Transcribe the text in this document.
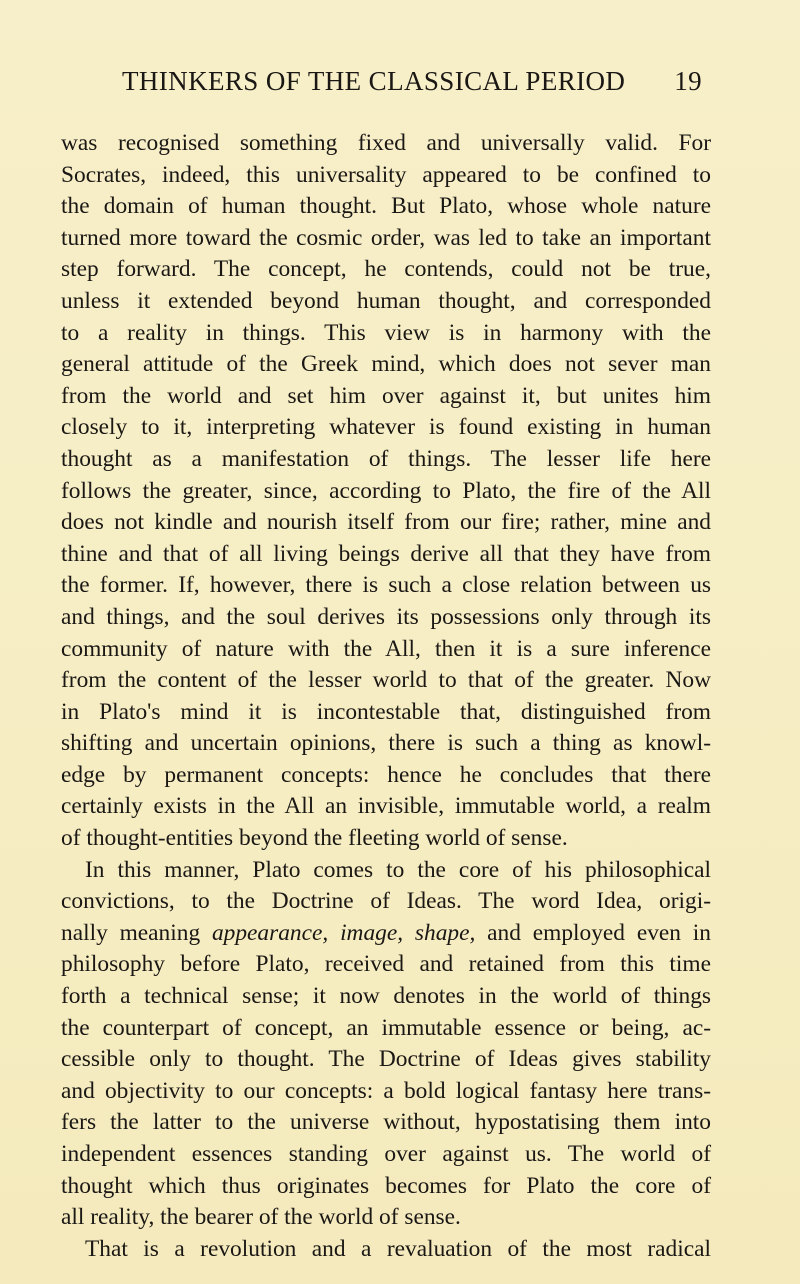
THINKERS OF THE CLASSICAL PERIOD 19
was recognised something fixed and universally valid. For
Socrates, indeed, this universality appeared to be confined to
the domain of human thought. But Plato, whose whole nature
turned more toward the cosmic order, was led to take an important
step forward. The concept, he contends, could not be true,
unless it extended beyond human thought, and corresponded
to a reality in things. This view is in harmony with the
general attitude of the Greek mind, which does not sever man
from the world and set him over against it, but unites him
closely to it, interpreting whatever is found existing in human
thought as a manifestation of things. The lesser life here
follows the greater, since, according to Plato, the fire of the All
does not kindle and nourish itself from our fire; rather, mine and
thine and that of all living beings derive all that they have from
the former. If, however, there is such a close relation between us
and things, and the soul derives its possessions only through its
community of nature with the All, then it is a sure inference
from the content of the lesser world to that of the greater. Now
in Plato's mind it is incontestable that, distinguished from
shifting and uncertain opinions, there is such a thing as knowl-
edge by permanent concepts: hence he concludes that there
certainly exists in the All an invisible, immutable world, a realm
of thought-entities beyond the fleeting world of sense.
In this manner, Plato comes to the core of his philosophical
convictions, to the Doctrine of Ideas. The word Idea, origi-
nally meaning appearance, image, shape, and employed even in
philosophy before Plato, received and retained from this time
forth a technical sense; it now denotes in the world of things
the counterpart of concept, an immutable essence or being, ac-
cessible only to thought. The Doctrine of Ideas gives stability
and objectivity to our concepts: a bold logical fantasy here trans-
fers the latter to the universe without, hypostatising them into
independent essences standing over against us. The world of
thought which thus originates becomes for Plato the core of
all reality, the bearer of the world of sense.
That is a revolution and a revaluation of the most radical
